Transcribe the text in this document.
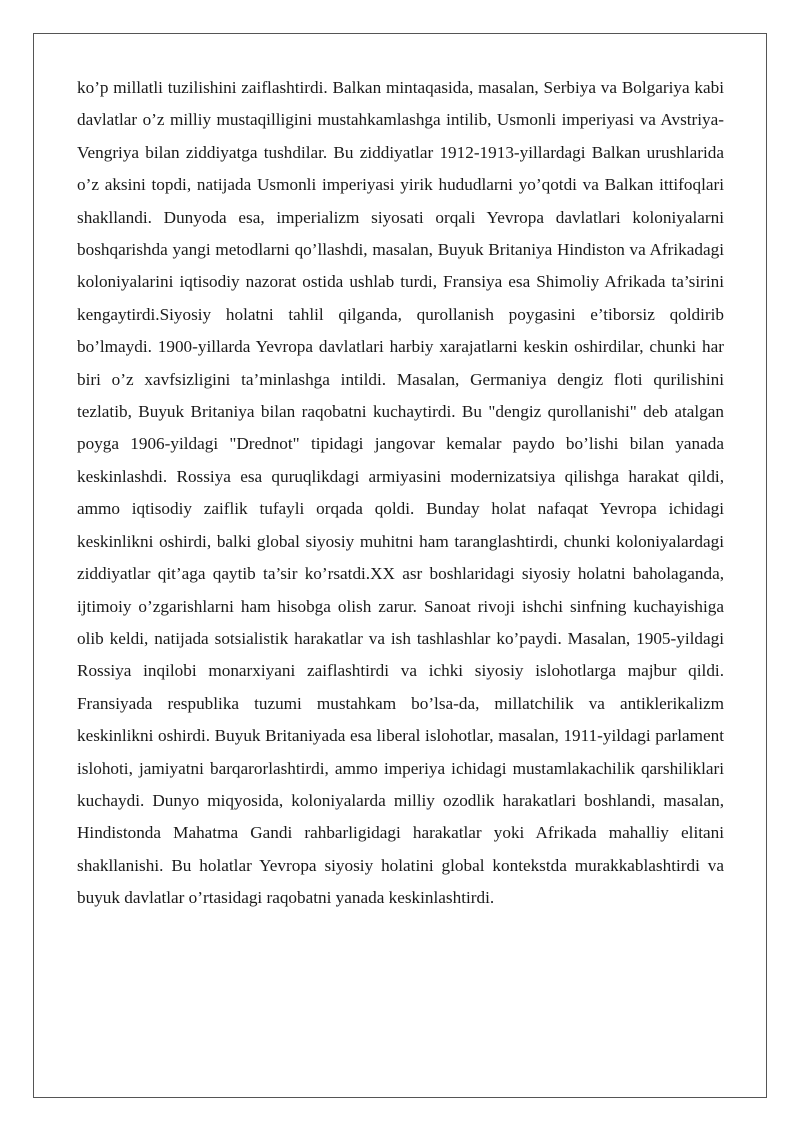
ko’p millatli tuzilishini zaiflashtirdi. Balkan mintaqasida, masalan, Serbiya va Bolgariya kabi davlatlar o’z milliy mustaqilligini mustahkamlashga intilib, Usmonli imperiyasi va Avstriya-Vengriya bilan ziddiyatga tushdilar. Bu ziddiyatlar 1912-1913-yillardagi Balkan urushlarida o’z aksini topdi, natijada Usmonli imperiyasi yirik hududlarni yo’qotdi va Balkan ittifoqlari shakllandi. Dunyoda esa, imperializm siyosati orqali Yevropa davlatlari koloniyalarni boshqarishda yangi metodlarni qo’llashdi, masalan, Buyuk Britaniya Hindiston va Afrikadagi koloniyalarini iqtisodiy nazorat ostida ushlab turdi, Fransiya esa Shimoliy Afrikada ta’sirini kengaytirdi.Siyosiy holatni tahlil qilganda, qurollanish poygasini e’tiborsiz qoldirib bo’lmaydi. 1900-yillarda Yevropa davlatlari harbiy xarajatlarni keskin oshirdilar, chunki har biri o’z xavfsizligini ta’minlashga intildi. Masalan, Germaniya dengiz floti qurilishini tezlatib, Buyuk Britaniya bilan raqobatni kuchaytirdi. Bu "dengiz qurollanishi" deb atalgan poyga 1906-yildagi "Drednot" tipidagi jangovar kemalar paydo bo’lishi bilan yanada keskinlashdi. Rossiya esa quruqlikdagi armiyasini modernizatsiya qilishga harakat qildi, ammo iqtisodiy zaiflik tufayli orqada qoldi. Bunday holat nafaqat Yevropa ichidagi keskinlikni oshirdi, balki global siyosiy muhitni ham taranglashtirdi, chunki koloniyalardagi ziddiyatlar qit’aga qaytib ta’sir ko’rsatdi.XX asr boshlaridagi siyosiy holatni baholaganda, ijtimoiy o’zgarishlarni ham hisobga olish zarur. Sanoat rivoji ishchi sinfning kuchayishiga olib keldi, natijada sotsialistik harakatlar va ish tashlashlar ko’paydi. Masalan, 1905-yildagi Rossiya inqilobi monarxiyani zaiflashtirdi va ichki siyosiy islohotlarga majbur qildi. Fransiyada respublika tuzumi mustahkam bo’lsa-da, millatchilik va antiklerikalizm keskinlikni oshirdi. Buyuk Britaniyada esa liberal islohotlar, masalan, 1911-yildagi parlament islohoti, jamiyatni barqarorlashtirdi, ammo imperiya ichidagi mustamlakachilik qarshiliklari kuchaydi. Dunyo miqyosida, koloniyalarda milliy ozodlik harakatlari boshlandi, masalan, Hindistonda Mahatma Gandi rahbarligidagi harakatlar yoki Afrikada mahalliy elitani shakllanishi. Bu holatlar Yevropa siyosiy holatini global kontekstda murakkablashtirdi va buyuk davlatlar o’rtasidagi raqobatni yanada keskinlashtirdi.
